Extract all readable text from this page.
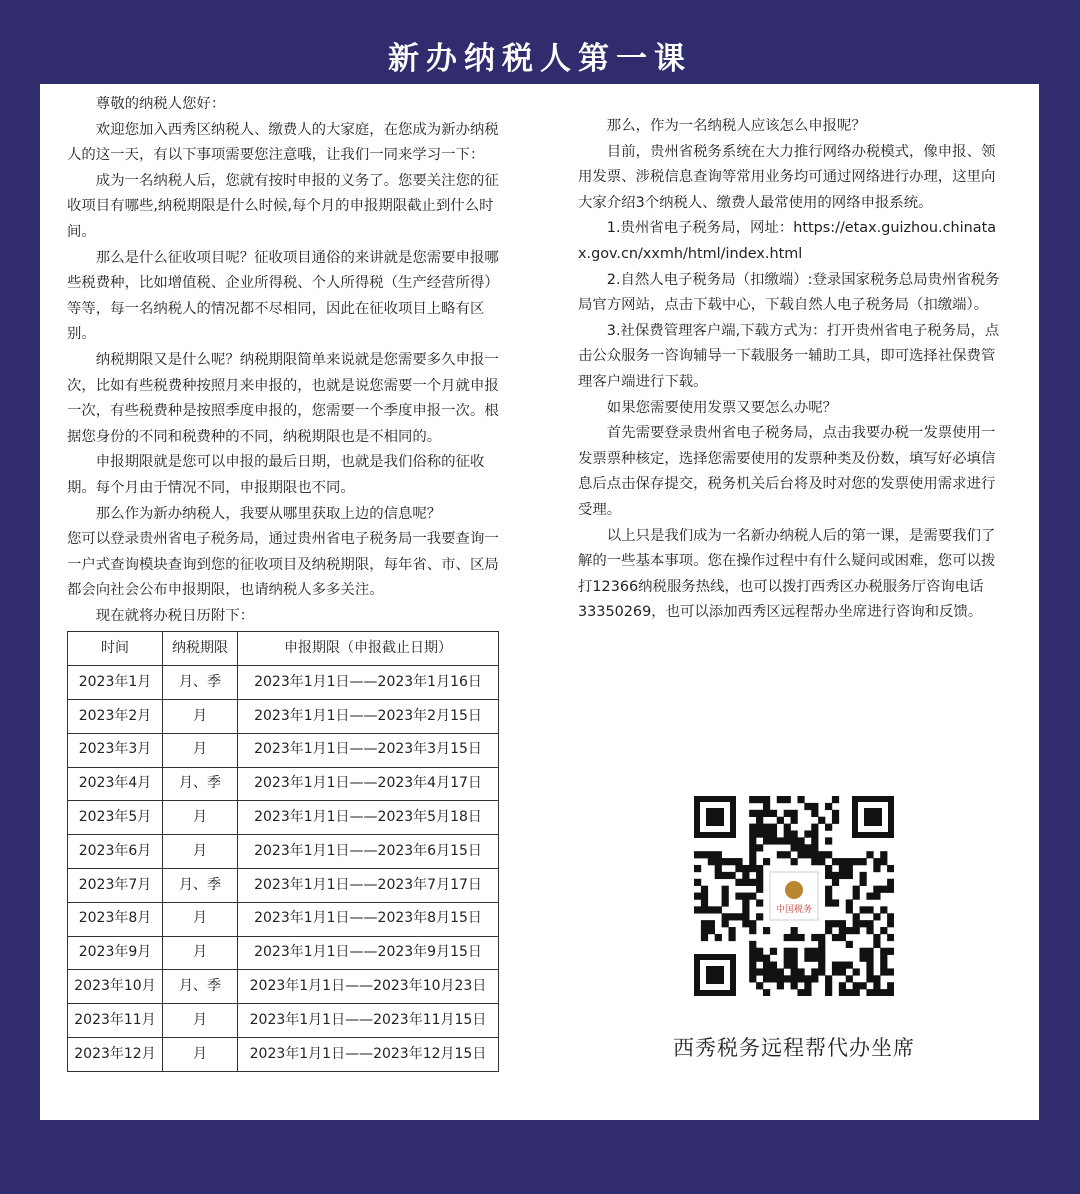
新办纳税人第一课

尊敬的纳税人您好：

欢迎您加入西秀区纳税人、缴费人的大家庭，在您成为新办纳税人的这一天，有以下事项需要您注意哦，让我们一同来学习一下：

成为一名纳税人后，您就有按时申报的义务了。您要关注您的征收项目有哪些,纳税期限是什么时候,每个月的申报期限截止到什么时间。

那么是什么征收项目呢？征收项目通俗的来讲就是您需要申报哪些税费种，比如增值税、企业所得税、个人所得税（生产经营所得）等等，每一名纳税人的情况都不尽相同，因此在征收项目上略有区别。

纳税期限又是什么呢？纳税期限简单来说就是您需要多久申报一次，比如有些税费种按照月来申报的，也就是说您需要一个月就申报一次，有些税费种是按照季度申报的，您需要一个季度申报一次。根据您身份的不同和税费种的不同，纳税期限也是不相同的。

申报期限就是您可以申报的最后日期，也就是我们俗称的征收期。每个月由于情况不同，申报期限也不同。

那么作为新办纳税人，我要从哪里获取上边的信息呢？

您可以登录贵州省电子税务局，通过贵州省电子税务局一我要查询一一户式查询模块查询到您的征收项目及纳税期限，每年省、市、区局都会向社会公布申报期限，也请纳税人多多关注。

现在就将办税日历附下：

时间	纳税期限	申报期限（申报截止日期）
2023年1月	月、季	2023年1月1日——2023年1月16日
2023年2月	月	2023年1月1日——2023年2月15日
2023年3月	月	2023年1月1日——2023年3月15日
2023年4月	月、季	2023年1月1日——2023年4月17日
2023年5月	月	2023年1月1日——2023年5月18日
2023年6月	月	2023年1月1日——2023年6月15日
2023年7月	月、季	2023年1月1日——2023年7月17日
2023年8月	月	2023年1月1日——2023年8月15日
2023年9月	月	2023年1月1日——2023年9月15日
2023年10月	月、季	2023年1月1日——2023年10月23日
2023年11月	月	2023年1月1日——2023年11月15日
2023年12月	月	2023年1月1日——2023年12月15日

那么，作为一名纳税人应该怎么申报呢？

目前，贵州省税务系统在大力推行网络办税模式，像申报、领用发票、涉税信息查询等常用业务均可通过网络进行办理，这里向大家介绍3个纳税人、缴费人最常使用的网络申报系统。

1.贵州省电子税务局，网址：https://etax.guizhou.chinatax.gov.cn/xxmh/html/index.html

2.自然人电子税务局（扣缴端）:登录国家税务总局贵州省税务局官方网站，点击下载中心，下载自然人电子税务局（扣缴端）。

3.社保费管理客户端,下载方式为：打开贵州省电子税务局，点击公众服务一咨询辅导一下载服务一辅助工具，即可选择社保费管理客户端进行下载。

如果您需要使用发票又要怎么办呢？

首先需要登录贵州省电子税务局，点击我要办税一发票使用一发票票种核定，选择您需要使用的发票种类及份数，填写好必填信息后点击保存提交，税务机关后台将及时对您的发票使用需求进行受理。

以上只是我们成为一名新办纳税人后的第一课，是需要我们了解的一些基本事项。您在操作过程中有什么疑问或困难，您可以拨打12366纳税服务热线，也可以拨打西秀区办税服务厅咨询电话33350269，也可以添加西秀区远程帮办坐席进行咨询和反馈。

中国税务
西秀税务远程帮代办坐席
